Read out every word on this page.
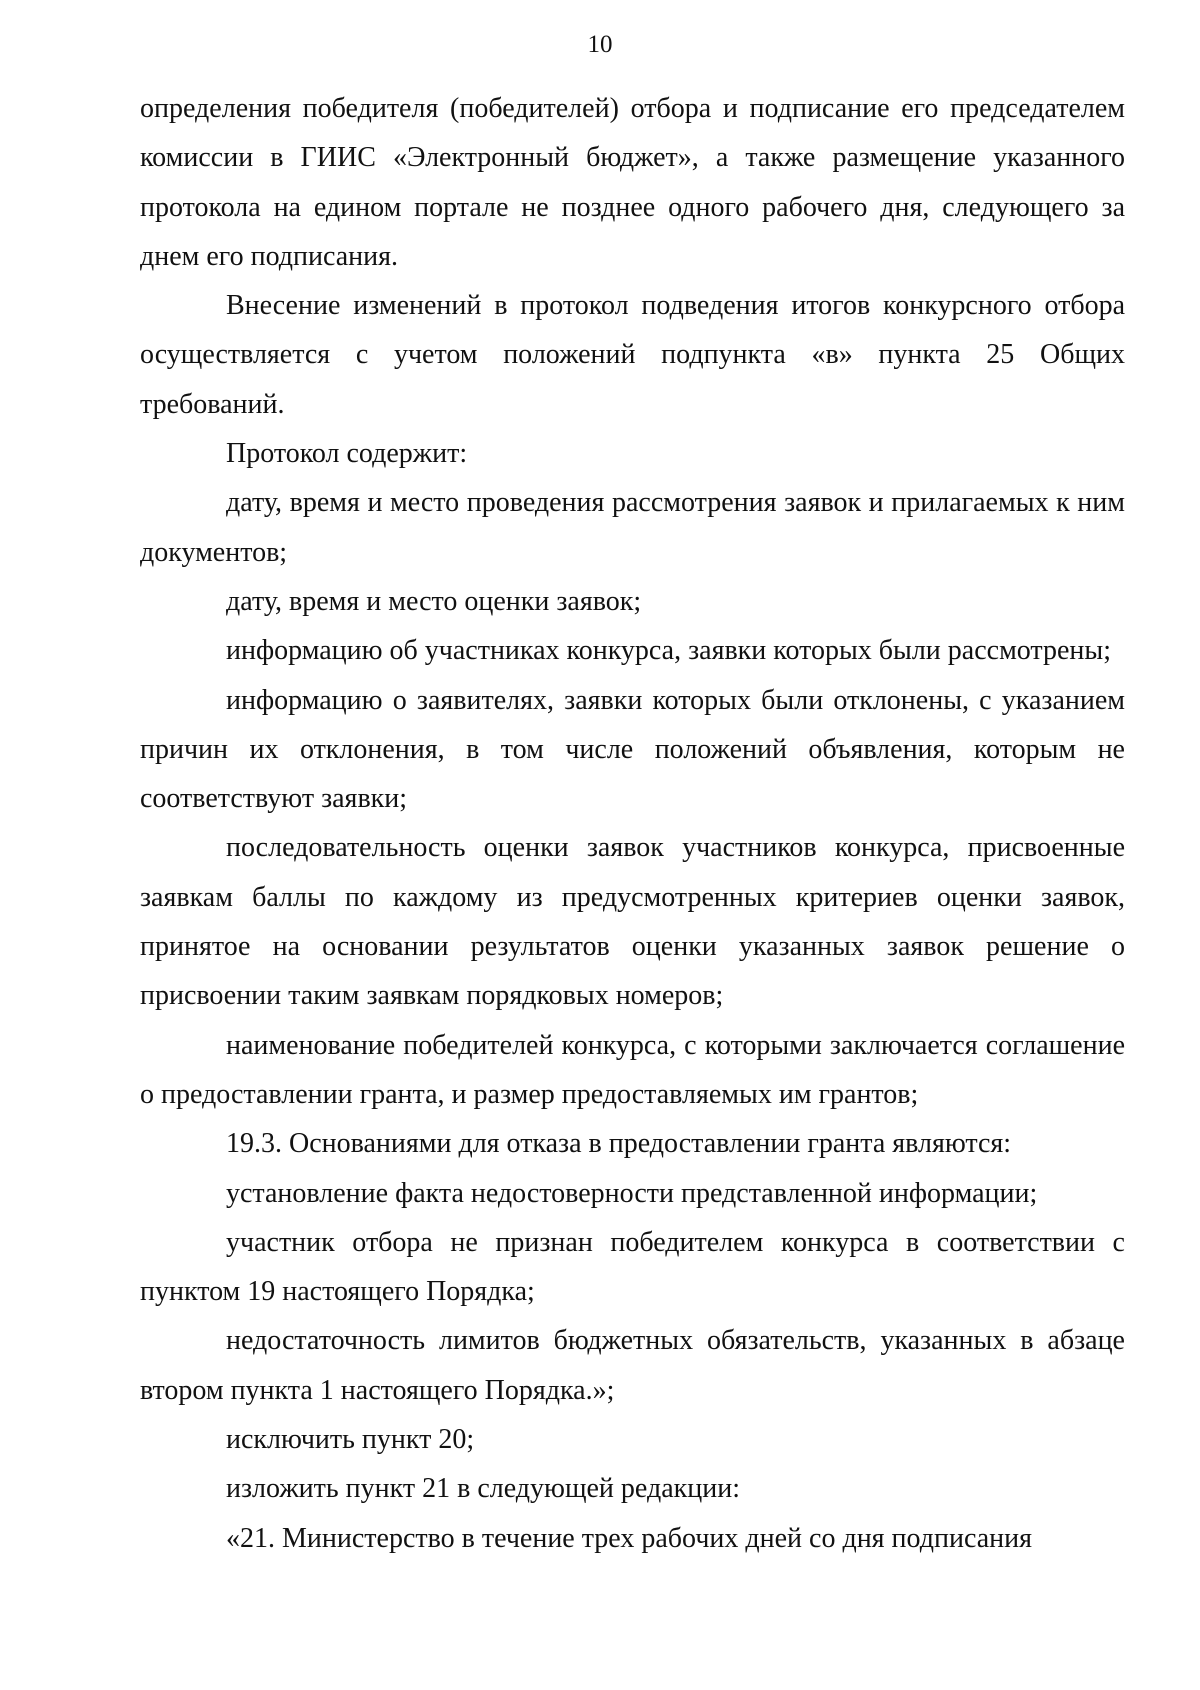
10

определения победителя (победителей) отбора и подписание его председателем комиссии в ГИИС «Электронный бюджет», а также размещение указанного протокола на едином портале не позднее одного рабочего дня, следующего за днем его подписания.

Внесение изменений в протокол подведения итогов конкурсного отбора осуществляется с учетом положений подпункта «в» пункта 25 Общих требований.

Протокол содержит:

дату, время и место проведения рассмотрения заявок и прилагаемых к ним документов;

дату, время и место оценки заявок;

информацию об участниках конкурса, заявки которых были рассмотрены;

информацию о заявителях, заявки которых были отклонены, с указанием причин их отклонения, в том числе положений объявления, которым не соответствуют заявки;

последовательность оценки заявок участников конкурса, присвоенные заявкам баллы по каждому из предусмотренных критериев оценки заявок, принятое на основании результатов оценки указанных заявок решение о присвоении таким заявкам порядковых номеров;

наименование победителей конкурса, с которыми заключается соглашение о предоставлении гранта, и размер предоставляемых им грантов;

19.3. Основаниями для отказа в предоставлении гранта являются:

установление факта недостоверности представленной информации;

участник отбора не признан победителем конкурса в соответствии с пунктом 19 настоящего Порядка;

недостаточность лимитов бюджетных обязательств, указанных в абзаце втором пункта 1 настоящего Порядка.»;

исключить пункт 20;

изложить пункт 21 в следующей редакции:

«21. Министерство в течение трех рабочих дней со дня подписания
